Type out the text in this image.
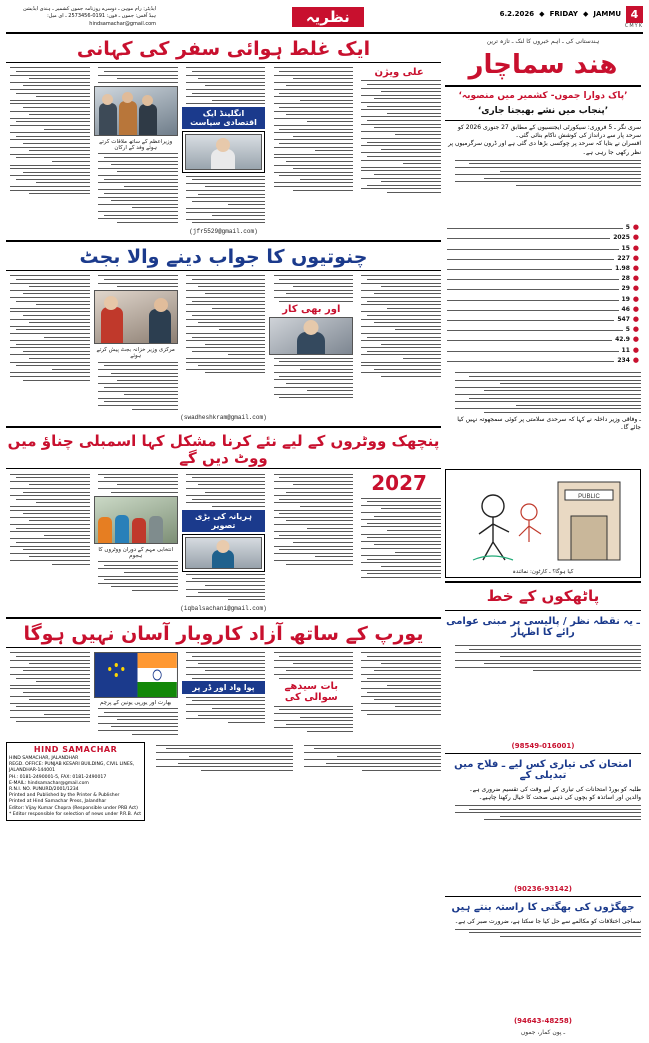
ایڈیٹر: رام موہن ـ دوسرے روزنامہ جموں کشمیر ـ ہندی ایڈیشن
ہیڈ آفس: جموں ـ فون: 0191-2573456 ـ ای میل: hindsamachar@gmail.com	نظریہ	6.2.2026 ◆ FRIDAY ◆ JAMMU 4
CMYK
ایک غلط ہوائی سفر کی کہانی
وزیراعظم کے ساتھ ملاقات کرتے ہوئے وفد کے ارکان
انگلینڈ ایک اقتصادی سیاست
علی ویژن
(jfr5529@gmail.com)
چنوتیوں کا جواب دینے والا بجٹ
مرکزی وزیر خزانہ بجٹ پیش کرتے ہوئے
اور بھی کار
(swadheshkram@gmail.com)
پنچھک ووٹروں کے لیے نئے کرنا مشکل کہا اسمبلی چناؤ میں ووٹ دیں گے
انتخابی مہم کے دوران ووٹروں کا ہجوم
ہریانہ کی بڑی تصویر
2027
(iqbalsachani@gmail.com)
یورپ کے ساتھ آزاد کاروبار آسان نہیں ہوگا
بھارت اور یورپی یونین کے پرچم
پوا واد اور ڈر پر	بات سیدھے سوالی کی
HIND SAMACHAR
HIND SAMACHAR, JALANDHAR
REGD. OFFICE: PUNJAB KESARI BUILDING, CIVIL LINES, JALANDHAR-144001
PH.: 0181-2490001-5, FAX: 0181-2490017
E-MAIL: hindsamachar@gmail.com
R.N.I. NO. PUNURD/2001/1234
Printed and Published by the Printer & Publisher
Printed at Hind Samachar Press, Jalandhar
Editor: Vijay Kumar Chopra (Responsible under PRB Act)
* Editor responsible for selection of news under P.R.B. Act
ہندستانی کی ـ اہم خبروں کا لنک ـ تازہ ترین
هند سماچار
’پاک دوارا جموں- کشمیر میں منصوبہ‘
’پنجاب میں نشے بھیجنا جاری‘
سری نگر ـ 5 فروری: سیکورٹی ایجنسیوں کے مطابق 27 جنوری 2026 کو سرحد پار سے درانداز کی کوشش ناکام بنائی گئی۔
افسران نے بتایا کہ سرحد پر چوکسی بڑھا دی گئی ہے اور ڈرون سرگرمیوں پر نظر رکھی جا رہی ہے۔
●
5
●
2025
●
15
●
227
●
1.98
●
28
●
29
●
19
●
46
●
547
●
5
●
42.9
●
11
●
234
ـ وفاقی وزیر داخلہ نے کہا کہ سرحدی سلامتی پر کوئی سمجھوتہ نہیں کیا جائے گا۔
PUBLIC
کیا ہوگا؟ ـ کارٹون: نمائندہ
پاٹھکوں کے خط
ـ یہ نقطہ نظر / پالیسی پر مبنی عوامی رائے کا اظہار
(98549-016001)
امتحان کی تیاری کس لیے ـ فلاح میں تبدیلی کے
طلبہ کو بورڈ امتحانات کی تیاری کے لیے وقت کی تقسیم ضروری ہے۔
والدین اور اساتذہ کو بچوں کی ذہنی صحت کا خیال رکھنا چاہیے۔
(90236-93142)
جھگڑوں کی بھگتی کا راستہ بنتے ہیں
سماجی اختلافات کو مکالمے سے حل کیا جا سکتا ہے، ضرورت صبر کی ہے۔
(94643-48258)
ـ پون کمار، جموں
